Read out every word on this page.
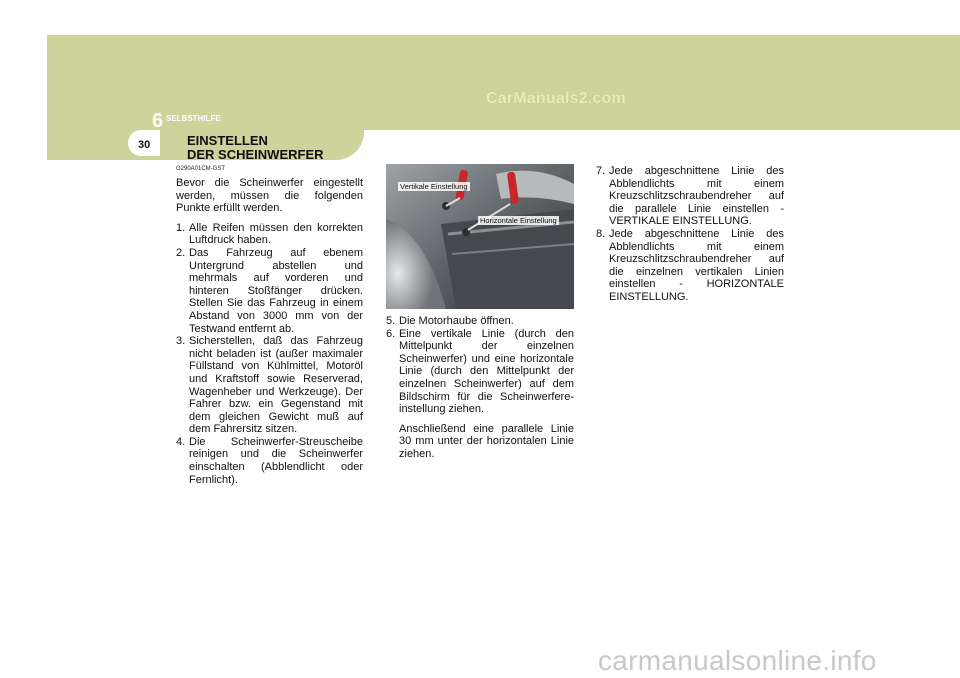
CarManuals2.com
6 SELBSTHILFE
30	EINSTELLEN
DER SCHEINWERFER
G290A01CM-GST

Bevor die Scheinwerfer eingestellt werden, müssen die folgenden Punkte erfüllt werden.

1. Alle Reifen müssen den korrekten Luftdruck haben.
2. Das Fahrzeug auf ebenem Untergrund abstellen und mehrmals auf vorderen und hinteren Stoßfänger drücken. Stellen Sie das Fahrzeug in einem Abstand von 3000 mm von der Testwand entfernt ab.
3. Sicherstellen, daß das Fahrzeug nicht beladen ist (außer maximaler Füllstand von Kühlmittel, Motoröl und Kraftstoff sowie Reserverad, Wagenheber und Werkzeuge). Der Fahrer bzw. ein Gegenstand mit dem gleichen Gewicht muß auf dem Fahrersitz sitzen.
4. Die Scheinwerfer-Streuscheibe reinigen und die Scheinwerfer einschalten (Abblendlicht oder Fernlicht).
Vertikale Einstellung
Horizontale Einstellung
5. Die Motorhaube öffnen.
6. Eine vertikale Linie (durch den Mittelpunkt der einzelnen Scheinwerfer) und eine horizontale Linie (durch den Mittelpunkt der einzelnen Scheinwerfer) auf dem Bildschirm für die Scheinwerfere-instellung ziehen.

Anschließend eine parallele Linie 30 mm unter der horizontalen Linie ziehen.

7. Jede abgeschnittene Linie des Abblendlichts mit einem Kreuzschlitzschraubendreher auf die parallele Linie einstellen - VERTIKALE EINSTELLUNG.
8. Jede abgeschnittene Linie des Abblendlichts mit einem Kreuzschlitzschraubendreher auf die einzelnen vertikalen Linien einstellen - HORIZONTALE EINSTELLUNG.
carmanualsonline.info
